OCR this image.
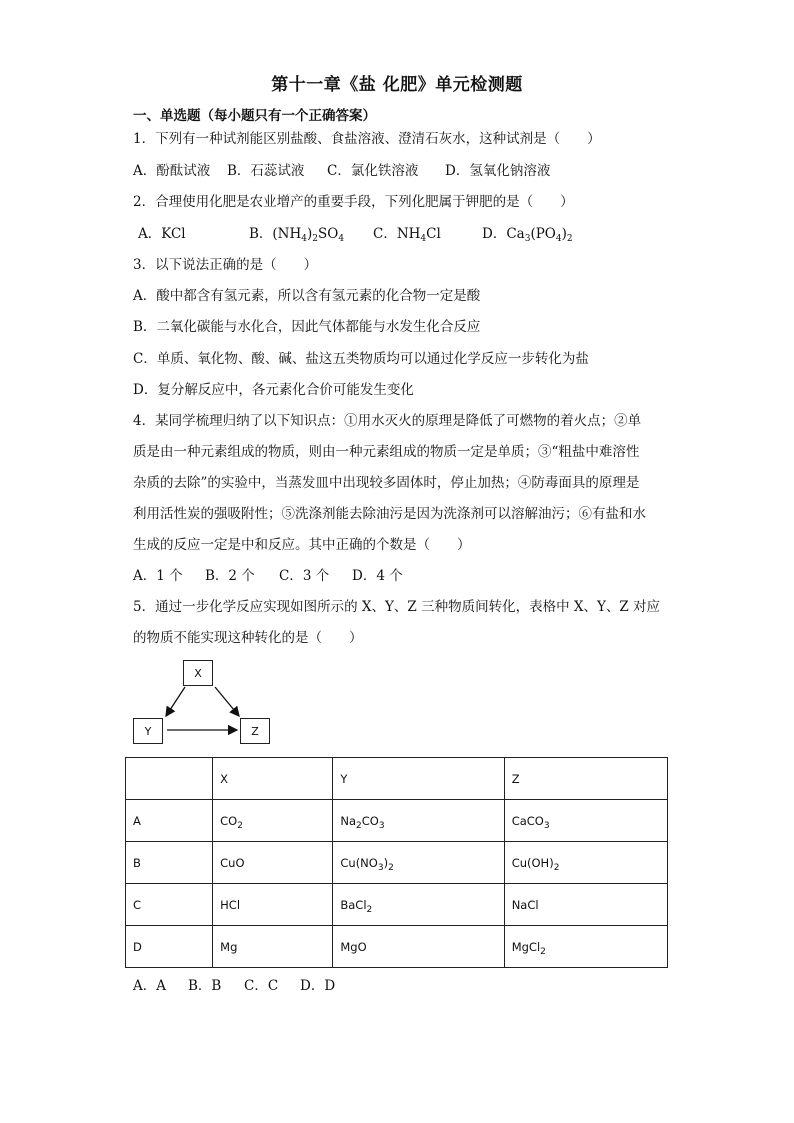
第十一章《盐 化肥》单元检测题
一、单选题（每小题只有一个正确答案）
1．下列有一种试剂能区别盐酸、食盐溶液、澄清石灰水，这种试剂是（　　）
A．酚酞试液 B．石蕊试液 C．氯化铁溶液 D．氢氧化钠溶液
2．合理使用化肥是农业增产的重要手段，下列化肥属于钾肥的是（　　）
A．KCl	B．$(NH_4)_2SO_4$ C．$NH_4Cl$	D．$Ca_3(PO_4)_2$
3．以下说法正确的是（　　）
A．酸中都含有氢元素，所以含有氢元素的化合物一定是酸
B．二氧化碳能与水化合，因此气体都能与水发生化合反应
C．单质、氧化物、酸、碱、盐这五类物质均可以通过化学反应一步转化为盐
D．复分解反应中，各元素化合价可能发生变化
4．某同学梳理归纳了以下知识点：①用水灭火的原理是降低了可燃物的着火点；②单
质是由一种元素组成的物质，则由一种元素组成的物质一定是单质；③“粗盐中难溶性
杂质的去除”的实验中，当蒸发皿中出现较多固体时，停止加热；④防毒面具的原理是
利用活性炭的强吸附性；⑤洗涤剂能去除油污是因为洗涤剂可以溶解油污；⑥有盐和水
生成的反应一定是中和反应。其中正确的个数是（　　）
A．1 个 B．2 个 C．3 个 D．4 个
5．通过一步化学反应实现如图所示的 X、Y、Z 三种物质间转化，表格中 X、Y、Z 对应
的物质不能实现这种转化的是（　　）
X
Y	Z
	X	Y	Z
A	$CO_2$	$Na_2CO_3$	CaCO$_3$
B	CuO	$Cu(NO_3)_2$	$Cu(OH)_2$
C	HCl	BaCl$_2$	NaCl
D	Mg	MgO	MgCl$_2$
A．A B．B C．C D．D
